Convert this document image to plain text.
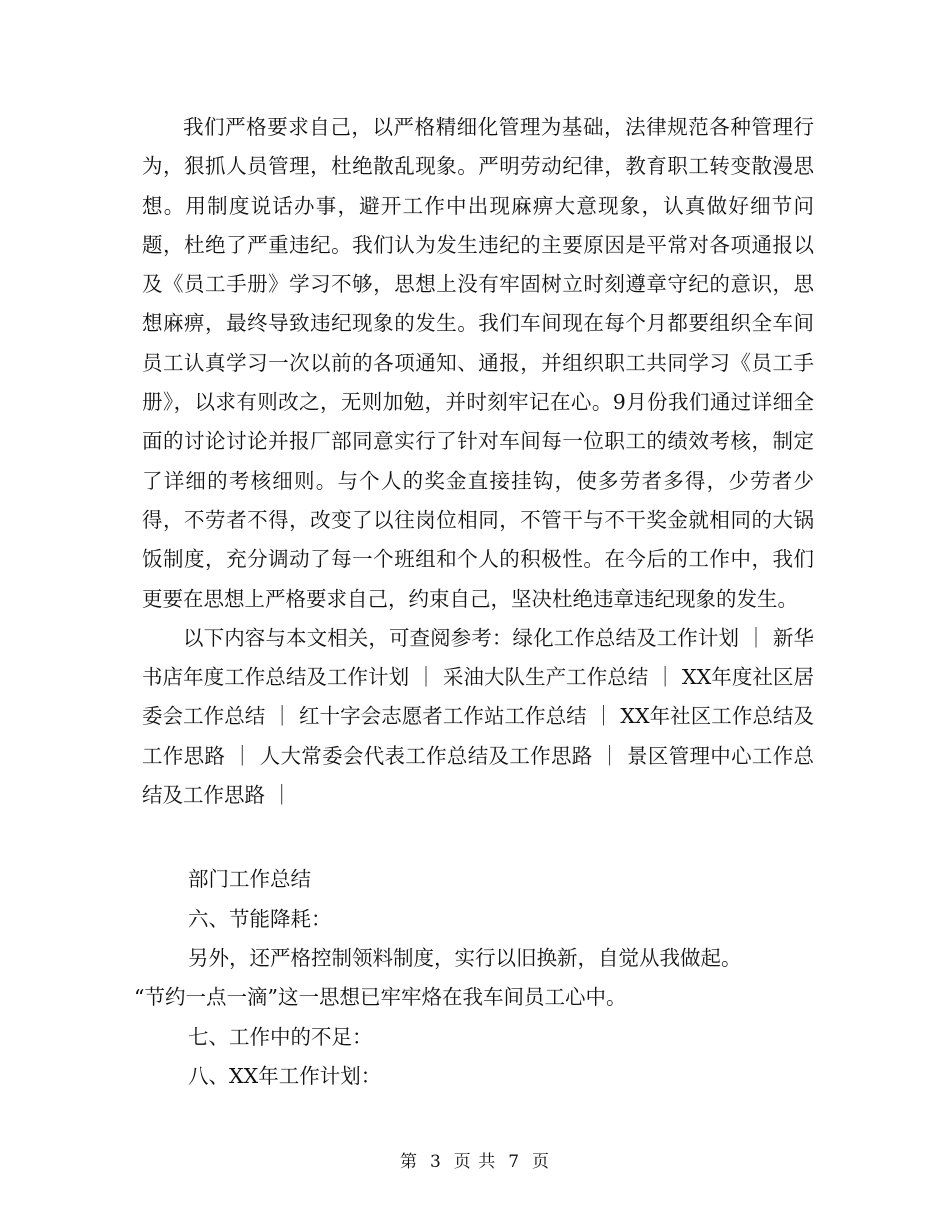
我们严格要求自己，以严格精细化管理为基础，法律规范各种管理行为，狠抓人员管理，杜绝散乱现象。严明劳动纪律，教育职工转变散漫思想。用制度说话办事，避开工作中出现麻痹大意现象，认真做好细节问题，杜绝了严重违纪。我们认为发生违纪的主要原因是平常对各项通报以及《员工手册》学习不够，思想上没有牢固树立时刻遵章守纪的意识，思想麻痹，最终导致违纪现象的发生。我们车间现在每个月都要组织全车间员工认真学习一次以前的各项通知、通报，并组织职工共同学习《员工手册》，以求有则改之，无则加勉，并时刻牢记在心。9月份我们通过详细全面的讨论讨论并报厂部同意实行了针对车间每一位职工的绩效考核，制定了详细的考核细则。与个人的奖金直接挂钩，使多劳者多得，少劳者少得，不劳者不得，改变了以往岗位相同，不管干与不干奖金就相同的大锅饭制度，充分调动了每一个班组和个人的积极性。在今后的工作中，我们更要在思想上严格要求自己，约束自己，坚决杜绝违章违纪现象的发生。

以下内容与本文相关，可查阅参考：绿化工作总结及工作计划 ｜ 新华书店年度工作总结及工作计划 ｜ 采油大队生产工作总结 ｜ XX年度社区居委会工作总结 ｜ 红十字会志愿者工作站工作总结 ｜ XX年社区工作总结及工作思路 ｜ 人大常委会代表工作总结及工作思路 ｜ 景区管理中心工作总结及工作思路 ｜

部门工作总结

六、节能降耗：

另外，还严格控制领料制度，实行以旧换新，自觉从我做起。

“节约一点一滴”这一思想已牢牢烙在我车间员工心中。

七、工作中的不足：

八、XX年工作计划：

第 3 页 共 7 页
